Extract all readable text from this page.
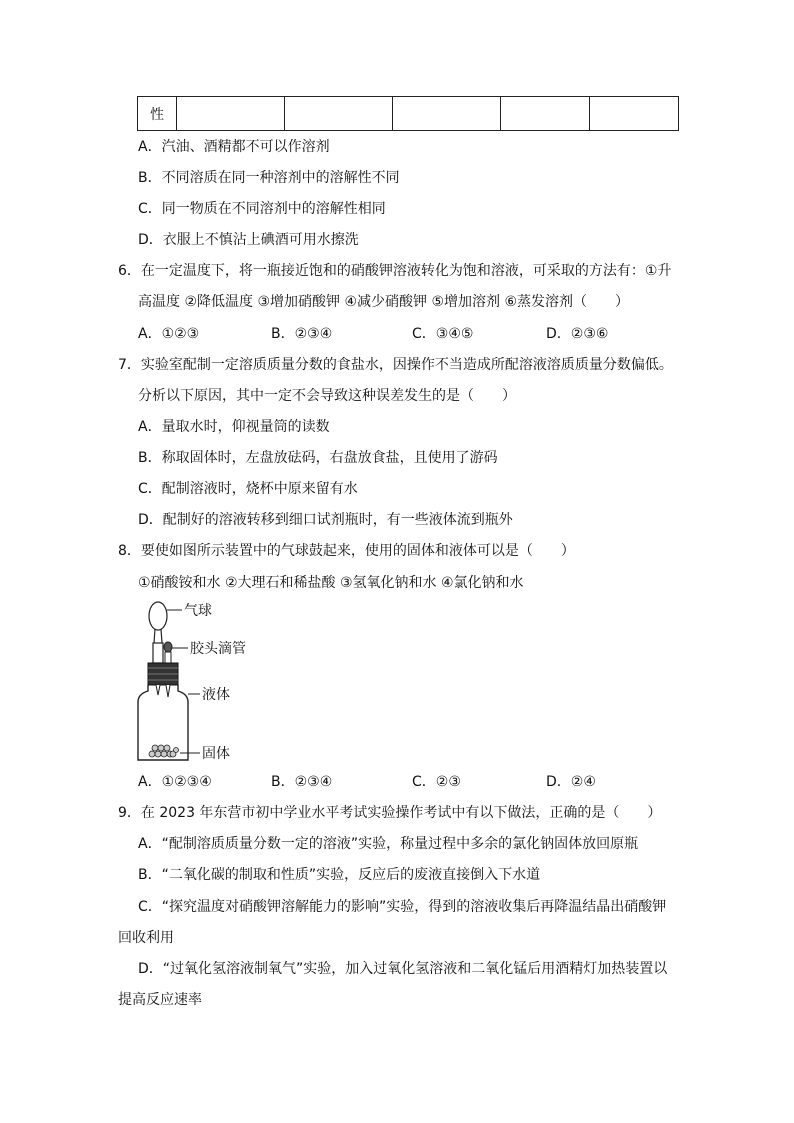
性					
A．汽油、酒精都不可以作溶剂
B．不同溶质在同一种溶剂中的溶解性不同
C．同一物质在不同溶剂中的溶解性相同
D．衣服上不慎沾上碘酒可用水擦洗
6．在一定温度下，将一瓶接近饱和的硝酸钾溶液转化为饱和溶液，可采取的方法有：①升
高温度 ②降低温度 ③增加硝酸钾 ④减少硝酸钾 ⑤增加溶剂 ⑥蒸发溶剂（　　）
A．①②③	B．②③④	C．③④⑤	D．②③⑥
7．实验室配制一定溶质质量分数的食盐水，因操作不当造成所配溶液溶质质量分数偏低。
分析以下原因，其中一定不会导致这种误差发生的是（　　）
A．量取水时，仰视量筒的读数
B．称取固体时，左盘放砝码，右盘放食盐，且使用了游码
C．配制溶液时，烧杯中原来留有水
D．配制好的溶液转移到细口试剂瓶时，有一些液体流到瓶外
8．要使如图所示装置中的气球鼓起来，使用的固体和液体可以是（　　）
①硝酸铵和水 ②大理石和稀盐酸 ③氢氧化钠和水 ④氯化钠和水
气球
胶头滴管
液体
固体
A．①②③④	B．②③④	C．②③	D．②④
9．在 2023 年东营市初中学业水平考试实验操作考试中有以下做法，正确的是（　　）
A．“配制溶质质量分数一定的溶液”实验，称量过程中多余的氯化钠固体放回原瓶
B．“二氧化碳的制取和性质”实验，反应后的废液直接倒入下水道
C．“探究温度对硝酸钾溶解能力的影响”实验，得到的溶液收集后再降温结晶出硝酸钾
回收利用
D．“过氧化氢溶液制氧气”实验，加入过氧化氢溶液和二氧化锰后用酒精灯加热装置以
提高反应速率
